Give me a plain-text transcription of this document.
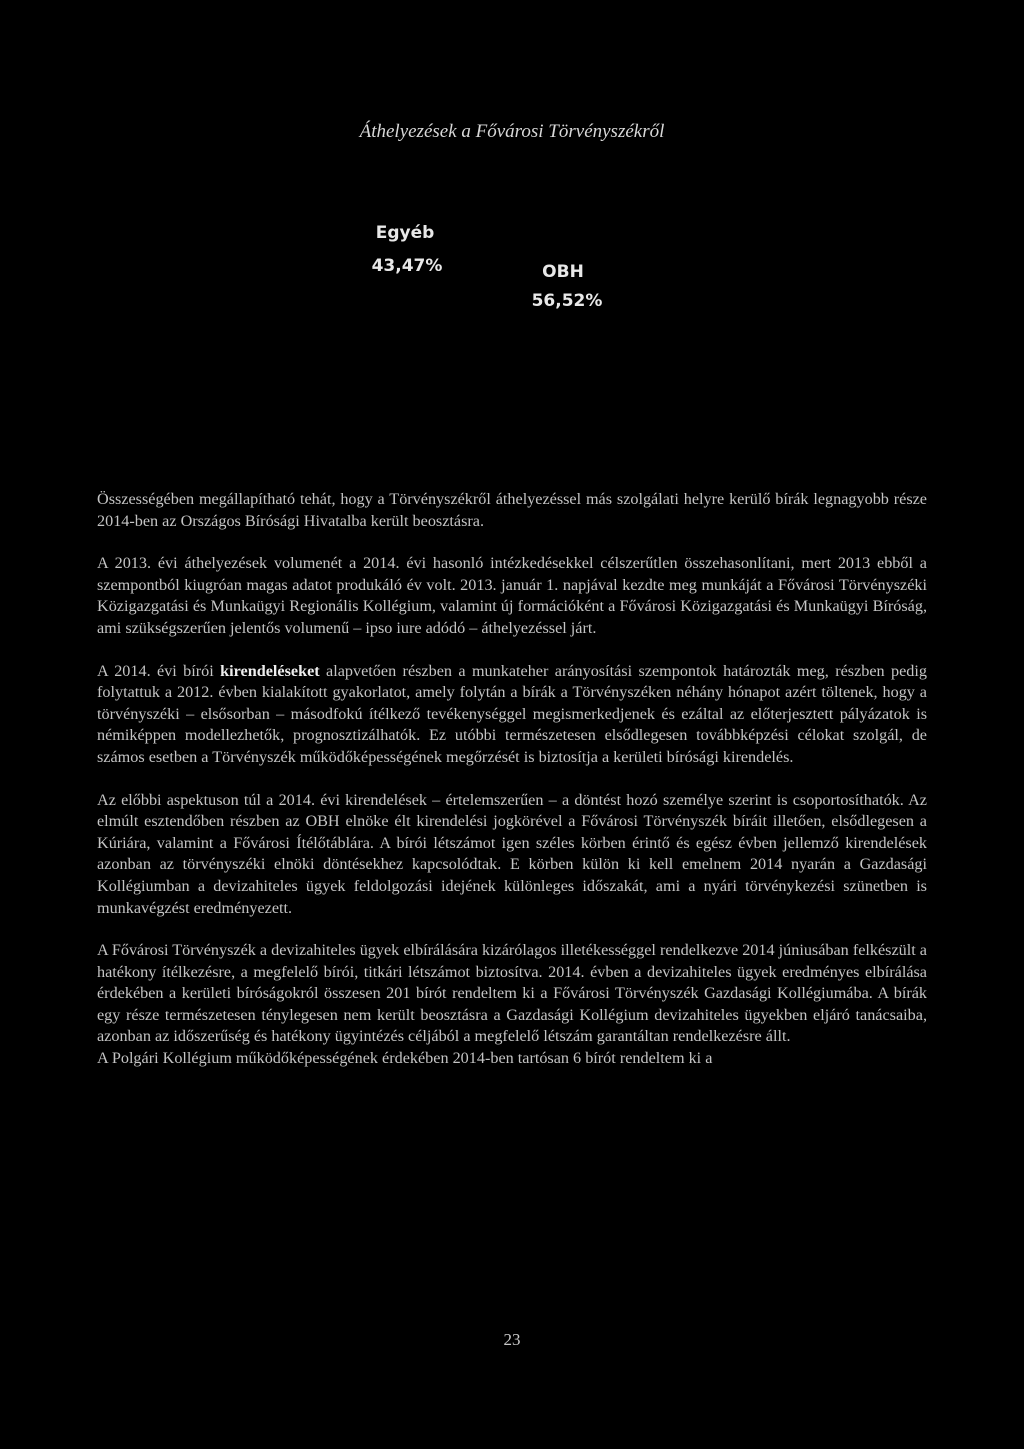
Áthelyezések a Fővárosi Törvényszékről
Egyéb
43,47%	OBH
56,52%

Összességében megállapítható tehát, hogy a Törvényszékről áthelyezéssel más szolgálati helyre kerülő bírák legnagyobb része 2014-ben az Országos Bírósági Hivatalba került beosztásra.

A 2013. évi áthelyezések volumenét a 2014. évi hasonló intézkedésekkel célszerűtlen összehasonlítani, mert 2013 ebből a szempontból kiugróan magas adatot produkáló év volt. 2013. január 1. napjával kezdte meg munkáját a Fővárosi Törvényszéki Közigazgatási és Munkaügyi Regionális Kollégium, valamint új formációként a Fővárosi Közigazgatási és Munkaügyi Bíróság, ami szükségszerűen jelentős volumenű – ipso iure adódó – áthelyezéssel járt.

A 2014. évi bírói kirendeléseket alapvetően részben a munkateher arányosítási szempontok határozták meg, részben pedig folytattuk a 2012. évben kialakított gyakorlatot, amely folytán a bírák a Törvényszéken néhány hónapot azért töltenek, hogy a törvényszéki – elsősorban – másodfokú ítélkező tevékenységgel megismerkedjenek és ezáltal az előterjesztett pályázatok is némiképpen modellezhetők, prognosztizálhatók. Ez utóbbi természetesen elsődlegesen továbbképzési célokat szolgál, de számos esetben a Törvényszék működőképességének megőrzését is biztosítja a kerületi bírósági kirendelés.

Az előbbi aspektuson túl a 2014. évi kirendelések – értelemszerűen – a döntést hozó személye szerint is csoportosíthatók. Az elmúlt esztendőben részben az OBH elnöke élt kirendelési jogkörével a Fővárosi Törvényszék bíráit illetően, elsődlegesen a Kúriára, valamint a Fővárosi Ítélőtáblára. A bírói létszámot igen széles körben érintő és egész évben jellemző kirendelések azonban az törvényszéki elnöki döntésekhez kapcsolódtak. E körben külön ki kell emelnem 2014 nyarán a Gazdasági Kollégiumban a devizahiteles ügyek feldolgozási idejének különleges időszakát, ami a nyári törvénykezési szünetben is munkavégzést eredményezett.

A Fővárosi Törvényszék a devizahiteles ügyek elbírálására kizárólagos illetékességgel rendelkezve 2014 júniusában felkészült a hatékony ítélkezésre, a megfelelő bírói, titkári létszámot biztosítva. 2014. évben a devizahiteles ügyek eredményes elbírálása érdekében a kerületi bíróságokról összesen 201 bírót rendeltem ki a Fővárosi Törvényszék Gazdasági Kollégiumába. A bírák egy része természetesen ténylegesen nem került beosztásra a Gazdasági Kollégium devizahiteles ügyekben eljáró tanácsaiba, azonban az időszerűség és hatékony ügyintézés céljából a megfelelő létszám garantáltan rendelkezésre állt.

A Polgári Kollégium működőképességének érdekében 2014-ben tartósan 6 bírót rendeltem ki a

23
